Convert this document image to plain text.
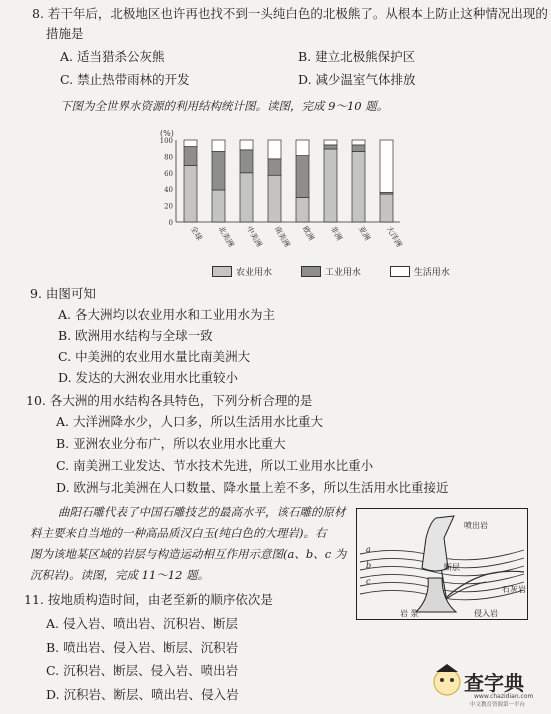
8. 若干年后，北极地区也许再也找不到一头纯白色的北极熊了。从根本上防止这种情况出现的
措施是
A. 适当猎杀公灰熊	B. 建立北极熊保护区
C. 禁止热带雨林的开发	D. 减少温室气体排放
下图为全世界水资源的利用结构统计图。读图，完成 9～10 题。
(%)
100
80
60
40
20
0
全球 北美洲 中美洲 南美洲 欧洲 非洲 亚洲 大洋洲
农业用水	工业用水	生活用水
9. 由图可知
A. 各大洲均以农业用水和工业用水为主
B. 欧洲用水结构与全球一致
C. 中美洲的农业用水量比南美洲大
D. 发达的大洲农业用水比重较小
10. 各大洲的用水结构各具特色，下列分析合理的是
A. 大洋洲降水少，人口多，所以生活用水比重大
B. 亚洲农业分布广，所以农业用水比重大
C. 南美洲工业发达、节水技术先进，所以工业用水比重小
D. 欧洲与北美洲在人口数量、降水量上差不多，所以生活用水比重接近
曲阳石雕代表了中国石雕技艺的最高水平，该石雕的原材
料主要来自当地的一种高品质汉白玉(纯白色的大理岩)。右
图为该地某区域的岩层与构造运动相互作用示意图(a、b、c 为
沉积岩)。读图，完成 11～12 题。
喷出岩
断层
石灰岩
岩 浆	侵入岩
a
b
c
11. 按地质构造时间，由老至新的顺序依次是
A. 侵入岩、喷出岩、沉积岩、断层
B. 喷出岩、侵入岩、断层、沉积岩
C. 沉积岩、断层、侵入岩、喷出岩
D. 沉积岩、断层、喷出岩、侵入岩	查字典
www.chazidian.com
中文教育资源第一平台
